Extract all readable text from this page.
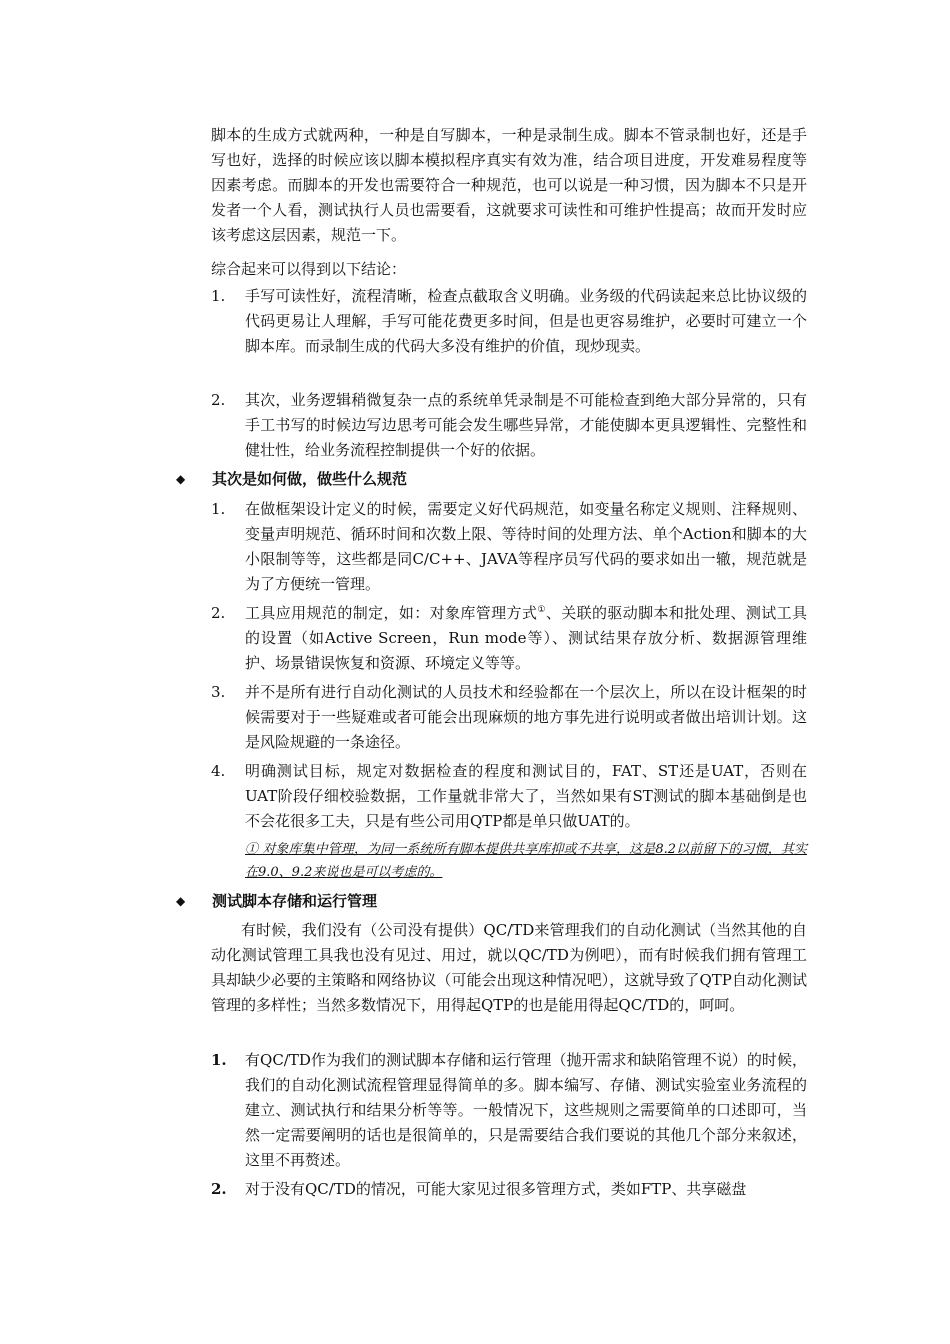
脚本的生成方式就两种，一种是自写脚本，一种是录制生成。脚本不管录制也好，还是手写也好，选择的时候应该以脚本模拟程序真实有效为准，结合项目进度，开发难易程度等因素考虑。而脚本的开发也需要符合一种规范，也可以说是一种习惯，因为脚本不只是开发者一个人看，测试执行人员也需要看，这就要求可读性和可维护性提高；故而开发时应该考虑这层因素，规范一下。

综合起来可以得到以下结论：

1.	手写可读性好，流程清晰，检查点截取含义明确。业务级的代码读起来总比协议级的代码更易让人理解，手写可能花费更多时间，但是也更容易维护，必要时可建立一个脚本库。而录制生成的代码大多没有维护的价值，现炒现卖。

2.	其次，业务逻辑稍微复杂一点的系统单凭录制是不可能检查到绝大部分异常的，只有手工书写的时候边写边思考可能会发生哪些异常，才能使脚本更具逻辑性、完整性和健壮性，给业务流程控制提供一个好的依据。

◆	其次是如何做，做些什么规范
1.	在做框架设计定义的时候，需要定义好代码规范，如变量名称定义规则、注释规则、变量声明规范、循环时间和次数上限、等待时间的处理方法、单个Action和脚本的大小限制等等，这些都是同C/C++、JAVA等程序员写代码的要求如出一辙，规范就是为了方便统一管理。

2.	工具应用规范的制定，如：对象库管理方式①、关联的驱动脚本和批处理、测试工具的设置（如Active Screen，Run mode等）、测试结果存放分析、数据源管理维护、场景错误恢复和资源、环境定义等等。

3.	并不是所有进行自动化测试的人员技术和经验都在一个层次上，所以在设计框架的时候需要对于一些疑难或者可能会出现麻烦的地方事先进行说明或者做出培训计划。这是风险规避的一条途径。

4.	明确测试目标，规定对数据检查的程度和测试目的，FAT、ST还是UAT，否则在UAT阶段仔细校验数据，工作量就非常大了，当然如果有ST测试的脚本基础倒是也不会花很多工夫，只是有些公司用QTP都是单只做UAT的。

① 对象库集中管理，为同一系统所有脚本提供共享库抑或不共享，这是8.2以前留下的习惯，其实在9.0、9.2来说也是可以考虑的。

◆	测试脚本存储和运行管理

有时候，我们没有（公司没有提供）QC/TD来管理我们的自动化测试（当然其他的自动化测试管理工具我也没有见过、用过，就以QC/TD为例吧），而有时候我们拥有管理工具却缺少必要的主策略和网络协议（可能会出现这种情况吧），这就导致了QTP自动化测试管理的多样性；当然多数情况下，用得起QTP的也是能用得起QC/TD的，呵呵。

1.	有QC/TD作为我们的测试脚本存储和运行管理（抛开需求和缺陷管理不说）的时候，我们的自动化测试流程管理显得简单的多。脚本编写、存储、测试实验室业务流程的建立、测试执行和结果分析等等。一般情况下，这些规则之需要简单的口述即可，当然一定需要阐明的话也是很简单的，只是需要结合我们要说的其他几个部分来叙述，这里不再赘述。

2.	对于没有QC/TD的情况，可能大家见过很多管理方式，类如FTP、共享磁盘
